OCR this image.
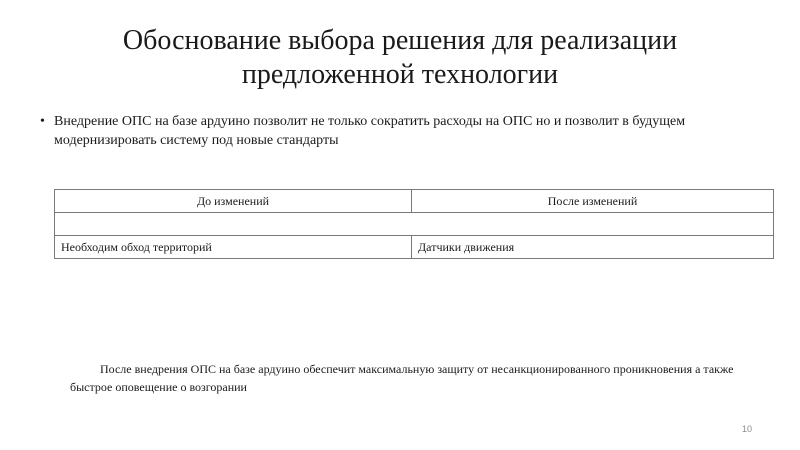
Обоснование выбора решения для реализации
предложенной технологии
• Внедрение ОПС на базе ардуино позволит не только сократить расходы на ОПС но и позволит в будущем модернизировать систему под новые стандарты
До изменений	После изменений

Необходим обход территорий	Датчики движения
После внедрения ОПС на базе ардуино обеспечит максимальную защиту от несанкционированного проникновения а также быстрое оповещение о возгорании
10
